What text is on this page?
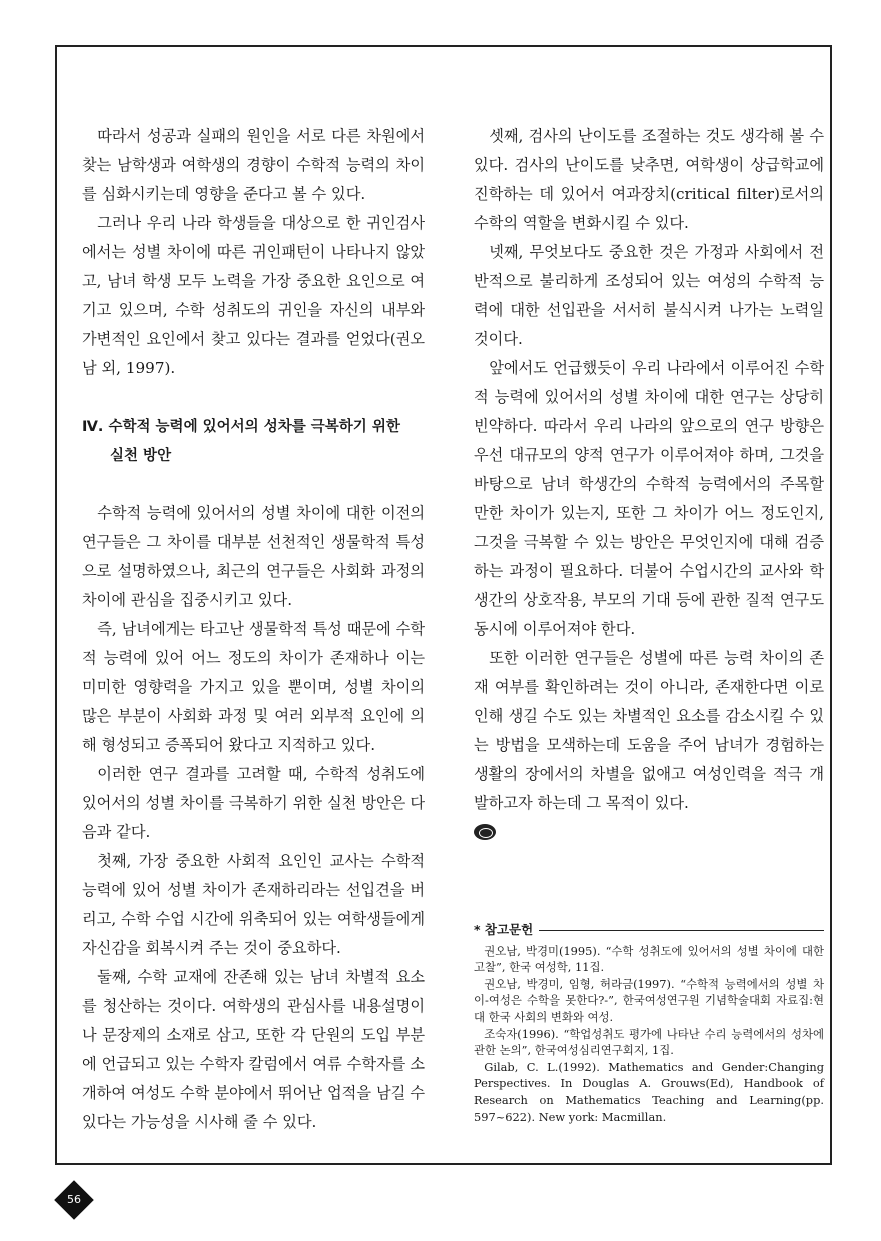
따라서 성공과 실패의 원인을 서로 다른 차원에서 찾는 남학생과 여학생의 경향이 수학적 능력의 차이를 심화시키는데 영향을 준다고 볼 수 있다.

그러나 우리 나라 학생들을 대상으로 한 귀인검사에서는 성별 차이에 따른 귀인패턴이 나타나지 않았고, 남녀 학생 모두 노력을 가장 중요한 요인으로 여기고 있으며, 수학 성취도의 귀인을 자신의 내부와 가변적인 요인에서 찾고 있다는 결과를 얻었다(권오남 외, 1997).

Ⅳ. 수학적 능력에 있어서의 성차를 극복하기 위한
실천 방안

수학적 능력에 있어서의 성별 차이에 대한 이전의 연구들은 그 차이를 대부분 선천적인 생물학적 특성으로 설명하였으나, 최근의 연구들은 사회화 과정의 차이에 관심을 집중시키고 있다.

즉, 남녀에게는 타고난 생물학적 특성 때문에 수학적 능력에 있어 어느 정도의 차이가 존재하나 이는 미미한 영향력을 가지고 있을 뿐이며, 성별 차이의 많은 부분이 사회화 과정 및 여러 외부적 요인에 의해 형성되고 증폭되어 왔다고 지적하고 있다.

이러한 연구 결과를 고려할 때, 수학적 성취도에 있어서의 성별 차이를 극복하기 위한 실천 방안은 다음과 같다.

첫째, 가장 중요한 사회적 요인인 교사는 수학적 능력에 있어 성별 차이가 존재하리라는 선입견을 버리고, 수학 수업 시간에 위축되어 있는 여학생들에게 자신감을 회복시켜 주는 것이 중요하다.

둘째, 수학 교재에 잔존해 있는 남녀 차별적 요소를 청산하는 것이다. 여학생의 관심사를 내용설명이나 문장제의 소재로 삼고, 또한 각 단원의 도입 부분에 언급되고 있는 수학자 칼럼에서 여류 수학자를 소개하여 여성도 수학 분야에서 뛰어난 업적을 남길 수 있다는 가능성을 시사해 줄 수 있다.

셋째, 검사의 난이도를 조절하는 것도 생각해 볼 수 있다. 검사의 난이도를 낮추면, 여학생이 상급학교에 진학하는 데 있어서 여과장치(critical filter)로서의 수학의 역할을 변화시킬 수 있다.

넷째, 무엇보다도 중요한 것은 가정과 사회에서 전반적으로 불리하게 조성되어 있는 여성의 수학적 능력에 대한 선입관을 서서히 불식시켜 나가는 노력일 것이다.

앞에서도 언급했듯이 우리 나라에서 이루어진 수학적 능력에 있어서의 성별 차이에 대한 연구는 상당히 빈약하다. 따라서 우리 나라의 앞으로의 연구 방향은 우선 대규모의 양적 연구가 이루어져야 하며, 그것을 바탕으로 남녀 학생간의 수학적 능력에서의 주목할 만한 차이가 있는지, 또한 그 차이가 어느 정도인지, 그것을 극복할 수 있는 방안은 무엇인지에 대해 검증하는 과정이 필요하다. 더불어 수업시간의 교사와 학생간의 상호작용, 부모의 기대 등에 관한 질적 연구도 동시에 이루어져야 한다.

또한 이러한 연구들은 성별에 따른 능력 차이의 존재 여부를 확인하려는 것이 아니라, 존재한다면 이로 인해 생길 수도 있는 차별적인 요소를 감소시킬 수 있는 방법을 모색하는데 도움을 주어 남녀가 경험하는 생활의 장에서의 차별을 없애고 여성인력을 적극 개발하고자 하는데 그 목적이 있다.

* 참고문헌

권오남, 박경미(1995). “수학 성취도에 있어서의 성별 차이에 대한 고찰”, 한국 여성학, 11집.

권오남, 박경미, 임형, 허라금(1997). “수학적 능력에서의 성별 차이-여성은 수학을 못한다?-”, 한국여성연구원 기념학술대회 자료집:현대 한국 사회의 변화와 여성.

조숙자(1996). “학업성취도 평가에 나타난 수리 능력에서의 성차에 관한 논의”, 한국여성심리연구회지, 1집.

Gilab, C. L.(1992). Mathematics and Gender:Changing Perspectives. In Douglas A. Grouws(Ed), Handbook of Research on Mathematics Teaching and Learning(pp. 597~622). New york: Macmillan.

56
